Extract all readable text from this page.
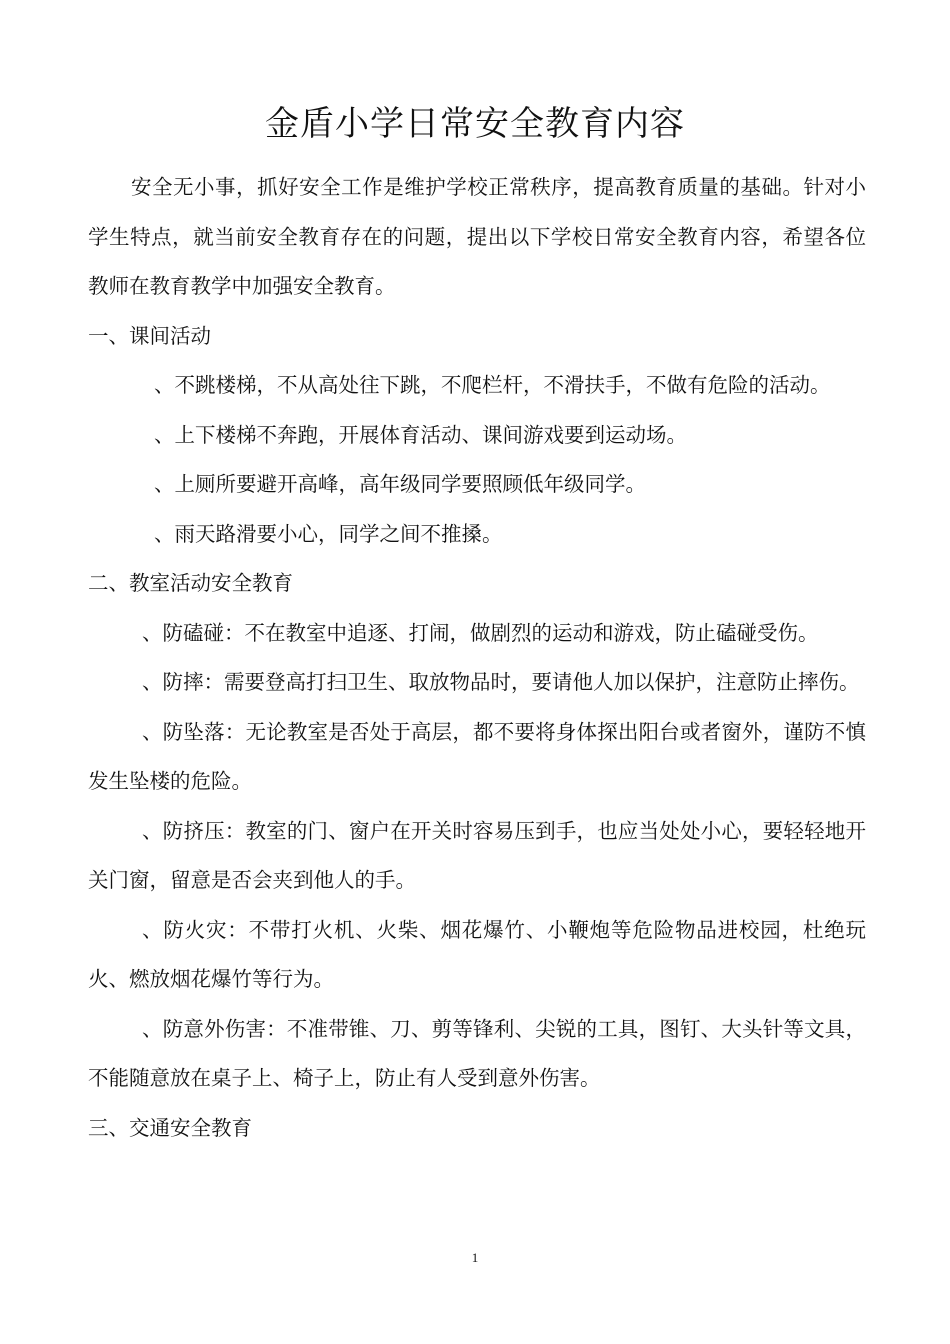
金盾小学日常安全教育内容

安全无小事，抓好安全工作是维护学校正常秩序，提高教育质量的基础。针对小学生特点，就当前安全教育存在的问题，提出以下学校日常安全教育内容，希望各位教师在教育教学中加强安全教育。

一、课间活动

、不跳楼梯，不从高处往下跳，不爬栏杆，不滑扶手，不做有危险的活动。

、上下楼梯不奔跑，开展体育活动、课间游戏要到运动场。

、上厕所要避开高峰，高年级同学要照顾低年级同学。

、雨天路滑要小心，同学之间不推搡。

二、教室活动安全教育

、防磕碰：不在教室中追逐、打闹，做剧烈的运动和游戏，防止磕碰受伤。

、防摔：需要登高打扫卫生、取放物品时，要请他人加以保护，注意防止摔伤。

、防坠落：无论教室是否处于高层，都不要将身体探出阳台或者窗外，谨防不慎发生坠楼的危险。

、防挤压：教室的门、窗户在开关时容易压到手，也应当处处小心，要轻轻地开关门窗，留意是否会夹到他人的手。

、防火灾：不带打火机、火柴、烟花爆竹、小鞭炮等危险物品进校园，杜绝玩火、燃放烟花爆竹等行为。

、防意外伤害：不准带锥、刀、剪等锋利、尖锐的工具，图钉、大头针等文具，不能随意放在桌子上、椅子上，防止有人受到意外伤害。

三、交通安全教育

1
